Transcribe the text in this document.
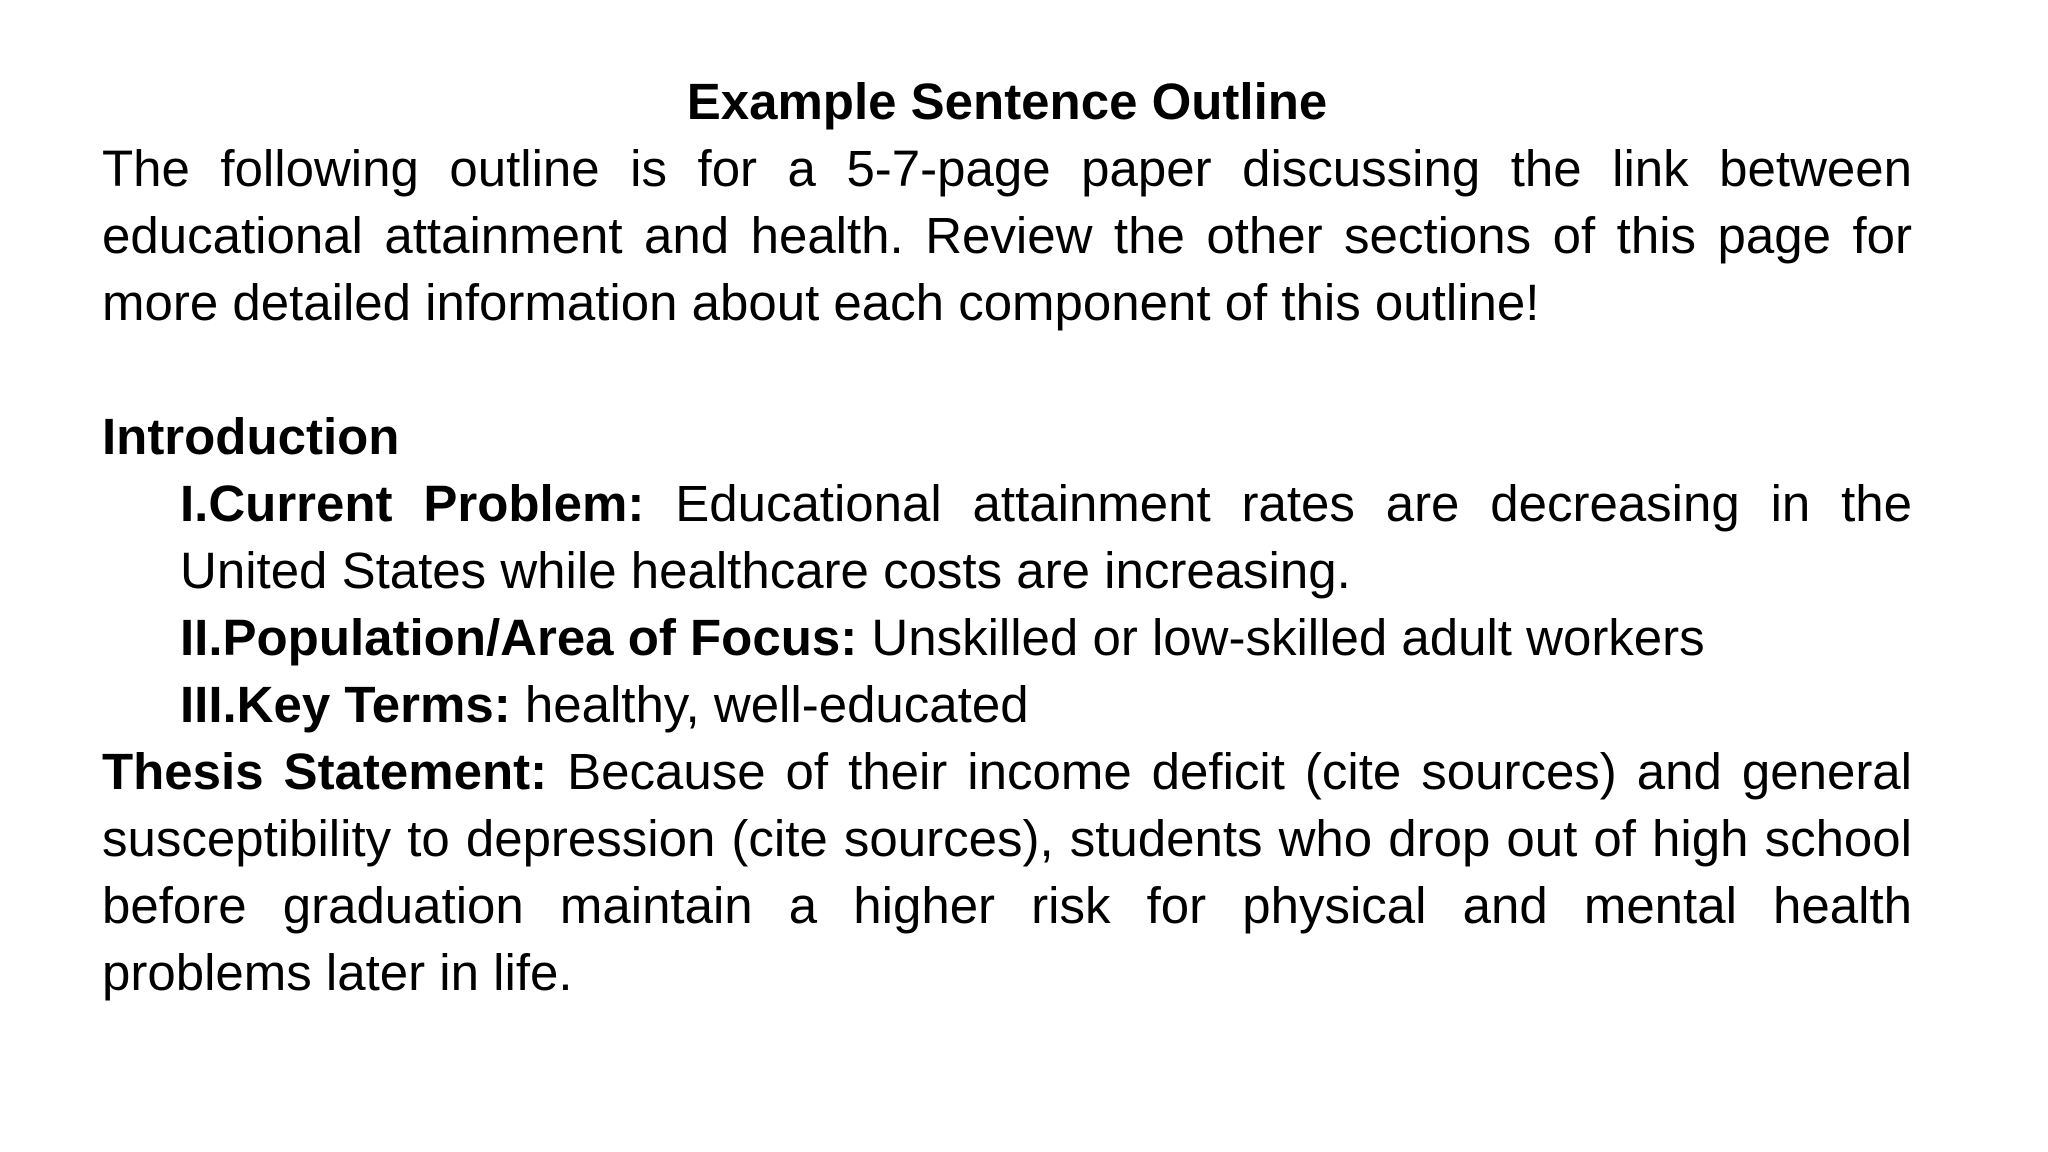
Example Sentence Outline

The following outline is for a 5-7-page paper discussing the link between educational attainment and health. Review the other sections of this page for more detailed information about each component of this outline!

Introduction

I.Current Problem: Educational attainment rates are decreasing in the United States while healthcare costs are increasing.

II.Population/Area of Focus: Unskilled or low-skilled adult workers

III.Key Terms: healthy, well-educated

Thesis Statement: Because of their income deficit (cite sources) and general susceptibility to depression (cite sources), students who drop out of high school before graduation maintain a higher risk for physical and mental health problems later in life.
